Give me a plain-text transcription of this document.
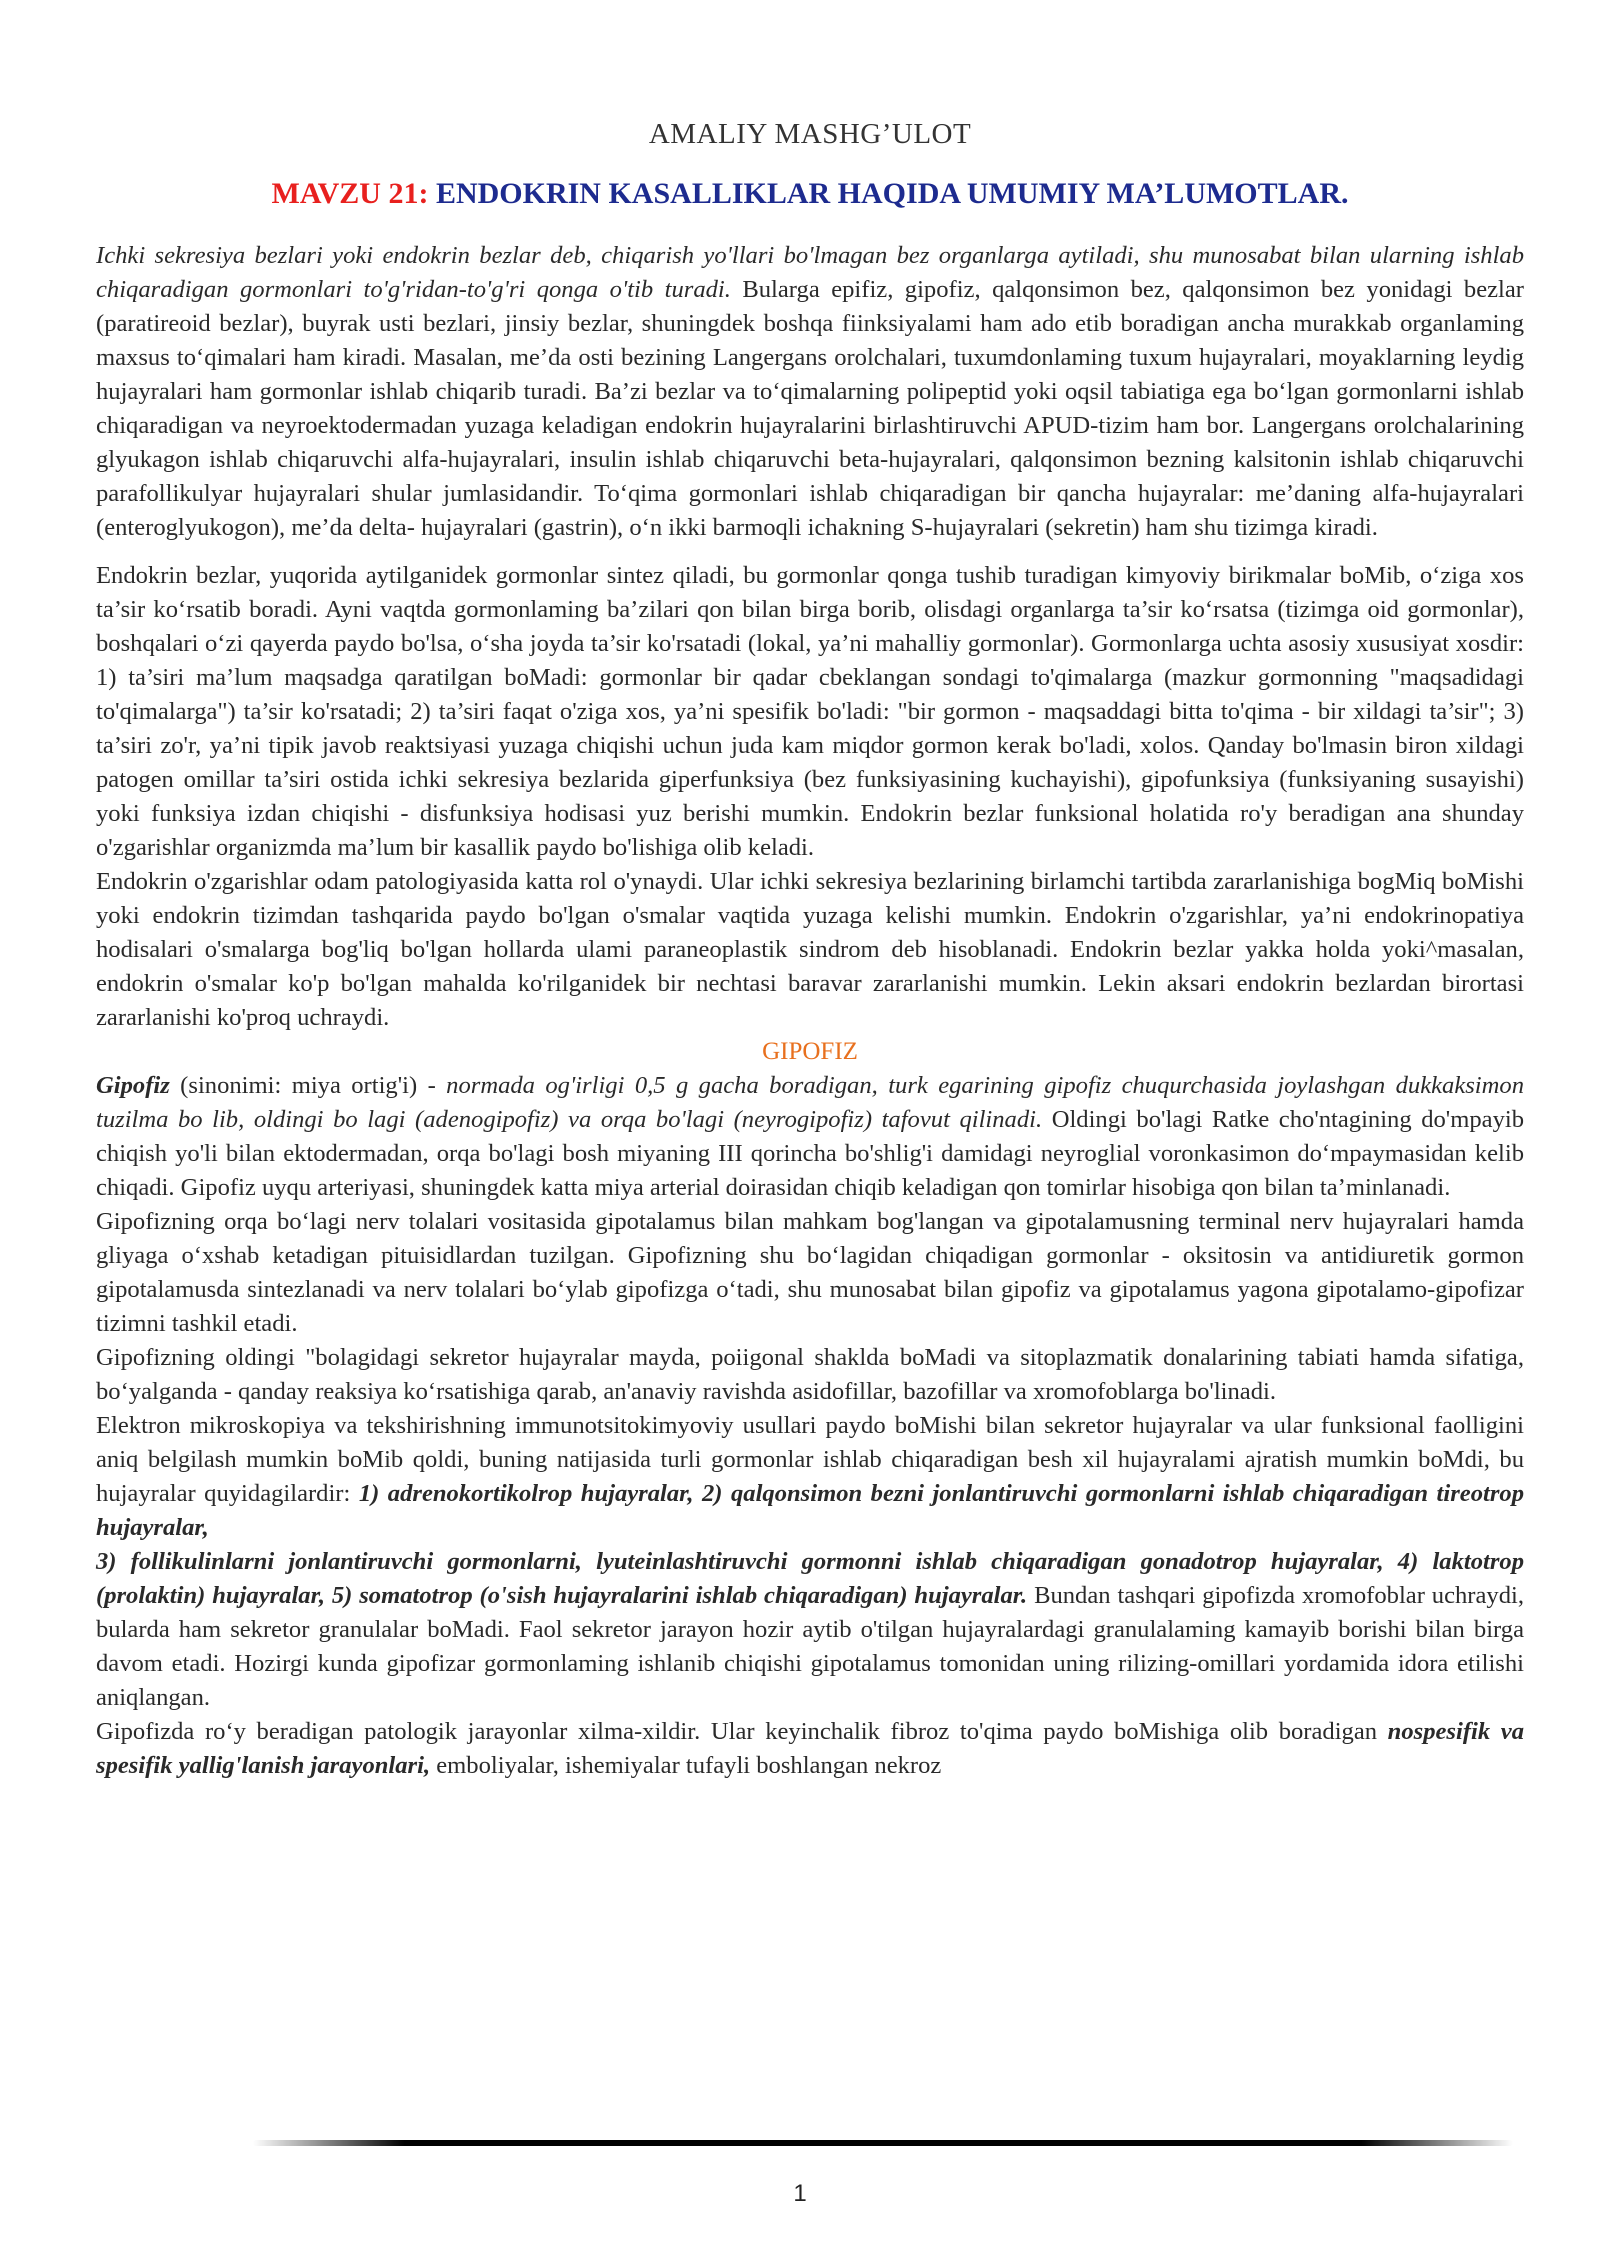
AMALIY MASHG’ULOT
MAVZU 21: ENDOKRIN KASALLIKLAR HAQIDA UMUMIY MA’LUMOTLAR.

Ichki sekresiya bezlari yoki endokrin bezlar deb, chiqarish yo'llari bo'lmagan bez organlarga aytiladi, shu munosabat bilan ularning ishlab chiqaradigan gormonlari to'g'ridan-to'g'ri qonga o'tib turadi. Bularga epifiz, gipofiz, qalqonsimon bez, qalqonsimon bez yonidagi bezlar (paratireoid bezlar), buyrak usti bezlari, jinsiy bezlar, shuningdek boshqa fiinksiyalami ham ado etib boradigan ancha murakkab organlaming maxsus to‘qimalari ham kiradi. Masalan, me’da osti bezining Langergans orolchalari, tuxumdonlaming tuxum hujayralari, moyaklarning leydig hujayralari ham gormonlar ishlab chiqarib turadi. Ba’zi bezlar va to‘qimalarning polipeptid yoki oqsil tabiatiga ega bo‘lgan gormonlarni ishlab chiqaradigan va neyroektodermadan yuzaga keladigan endokrin hujayralarini birlashtiruvchi APUD-tizim ham bor. Langergans orolchalarining glyukagon ishlab chiqaruvchi alfa-hujayralari, insulin ishlab chiqaruvchi beta-hujayralari, qalqonsimon bezning kalsitonin ishlab chiqaruvchi parafollikulyar hujayralari shular jumlasidandir. To‘qima gormonlari ishlab chiqaradigan bir qancha hujayralar: me’daning alfa-hujayralari (enteroglyukogon), me’da delta- hujayralari (gastrin), o‘n ikki barmoqli ichakning S-hujayralari (sekretin) ham shu tizimga kiradi.

Endokrin bezlar, yuqorida aytilganidek gormonlar sintez qiladi, bu gormonlar qonga tushib turadigan kimyoviy birikmalar boMib, o‘ziga xos ta’sir ko‘rsatib boradi. Ayni vaqtda gormonlaming ba’zilari qon bilan birga borib, olisdagi organlarga ta’sir ko‘rsatsa (tizimga oid gormonlar), boshqalari o‘zi qayerda paydo bo'lsa, o‘sha joyda ta’sir ko'rsatadi (lokal, ya’ni mahalliy gormonlar). Gormonlarga uchta asosiy xususiyat xosdir: 1) ta’siri ma’lum maqsadga qaratilgan boMadi: gormonlar bir qadar cbeklangan sondagi to'qimalarga (mazkur gormonning "maqsadidagi to'qimalarga") ta’sir ko'rsatadi; 2) ta’siri faqat o'ziga xos, ya’ni spesifik bo'ladi: "bir gormon - maqsaddagi bitta to'qima - bir xildagi ta’sir"; 3) ta’siri zo'r, ya’ni tipik javob reaktsiyasi yuzaga chiqishi uchun juda kam miqdor gormon kerak bo'ladi, xolos. Qanday bo'lmasin biron xildagi patogen omillar ta’siri ostida ichki sekresiya bezlarida giperfunksiya (bez funksiyasining kuchayishi), gipofunksiya (funksiyaning susayishi) yoki funksiya izdan chiqishi - disfunksiya hodisasi yuz berishi mumkin. Endokrin bezlar funksional holatida ro'y beradigan ana shunday o'zgarishlar organizmda ma’lum bir kasallik paydo bo'lishiga olib keladi.

Endokrin o'zgarishlar odam patologiyasida katta rol o'ynaydi. Ular ichki sekresiya bezlarining birlamchi tartibda zararlanishiga bogMiq boMishi yoki endokrin tizimdan tashqarida paydo bo'lgan o'smalar vaqtida yuzaga kelishi mumkin. Endokrin o'zgarishlar, ya’ni endokrinopatiya hodisalari o'smalarga bog'liq bo'lgan hollarda ulami paraneoplastik sindrom deb hisoblanadi. Endokrin bezlar yakka holda yoki^masalan, endokrin o'smalar ko'p bo'lgan mahalda ko'rilganidek bir nechtasi baravar zararlanishi mumkin. Lekin aksari endokrin bezlardan birortasi zararlanishi ko'proq uchraydi.

GIPOFIZ

Gipofiz (sinonimi: miya ortig'i) - normada og'irligi 0,5 g gacha boradigan, turk egarining gipofiz chuqurchasida joylashgan dukkaksimon tuzilma bo lib, oldingi bo lagi (adenogipofiz) va orqa bo'lagi (neyrogipofiz) tafovut qilinadi. Oldingi bo'lagi Ratke cho'ntagining do'mpayib chiqish yo'li bilan ektodermadan, orqa bo'lagi bosh miyaning III qorincha bo'shlig'i damidagi neyroglial voronkasimon do‘mpaymasidan kelib chiqadi. Gipofiz uyqu arteriyasi, shuningdek katta miya arterial doirasidan chiqib keladigan qon tomirlar hisobiga qon bilan ta’minlanadi.

Gipofizning orqa bo‘lagi nerv tolalari vositasida gipotalamus bilan mahkam bog'langan va gipotalamusning terminal nerv hujayralari hamda gliyaga o‘xshab ketadigan pituisidlardan tuzilgan. Gipofizning shu bo‘lagidan chiqadigan gormonlar - oksitosin va antidiuretik gormon gipotalamusda sintezlanadi va nerv tolalari bo‘ylab gipofizga o‘tadi, shu munosabat bilan gipofiz va gipotalamus yagona gipotalamo-gipofizar tizimni tashkil etadi.

Gipofizning oldingi "bolagidagi sekretor hujayralar mayda, poiigonal shaklda boMadi va sitoplazmatik donalarining tabiati hamda sifatiga, bo‘yalganda - qanday reaksiya ko‘rsatishiga qarab, an'anaviy ravishda asidofillar, bazofillar va xromofoblarga bo'linadi.

Elektron mikroskopiya va tekshirishning immunotsitokimyoviy usullari paydo boMishi bilan sekretor hujayralar va ular funksional faolligini aniq belgilash mumkin boMib qoldi, buning natijasida turli gormonlar ishlab chiqaradigan besh xil hujayralami ajratish mumkin boMdi, bu hujayralar quyidagilardir: 1) adrenokortikolrop hujayralar, 2) qalqonsimon bezni jonlantiruvchi gormonlarni ishlab chiqaradigan tireotrop hujayralar,

3) follikulinlarni jonlantiruvchi gormonlarni, lyuteinlashtiruvchi gormonni ishlab chiqaradigan gonadotrop hujayralar, 4) laktotrop (prolaktin) hujayralar, 5) somatotrop (o'sish hujayralarini ishlab chiqaradigan) hujayralar. Bundan tashqari gipofizda xromofoblar uchraydi, bularda ham sekretor granulalar boMadi. Faol sekretor jarayon hozir aytib o'tilgan hujayralardagi granulalaming kamayib borishi bilan birga davom etadi. Hozirgi kunda gipofizar gormonlaming ishlanib chiqishi gipotalamus tomonidan uning rilizing-omillari yordamida idora etilishi aniqlangan.

Gipofizda ro‘y beradigan patologik jarayonlar xilma-xildir. Ular keyinchalik fibroz to'qima paydo boMishiga olib boradigan nospesifik va spesifik yallig'lanish jarayonlari, emboliyalar, ishemiyalar tufayli boshlangan nekroz

1
